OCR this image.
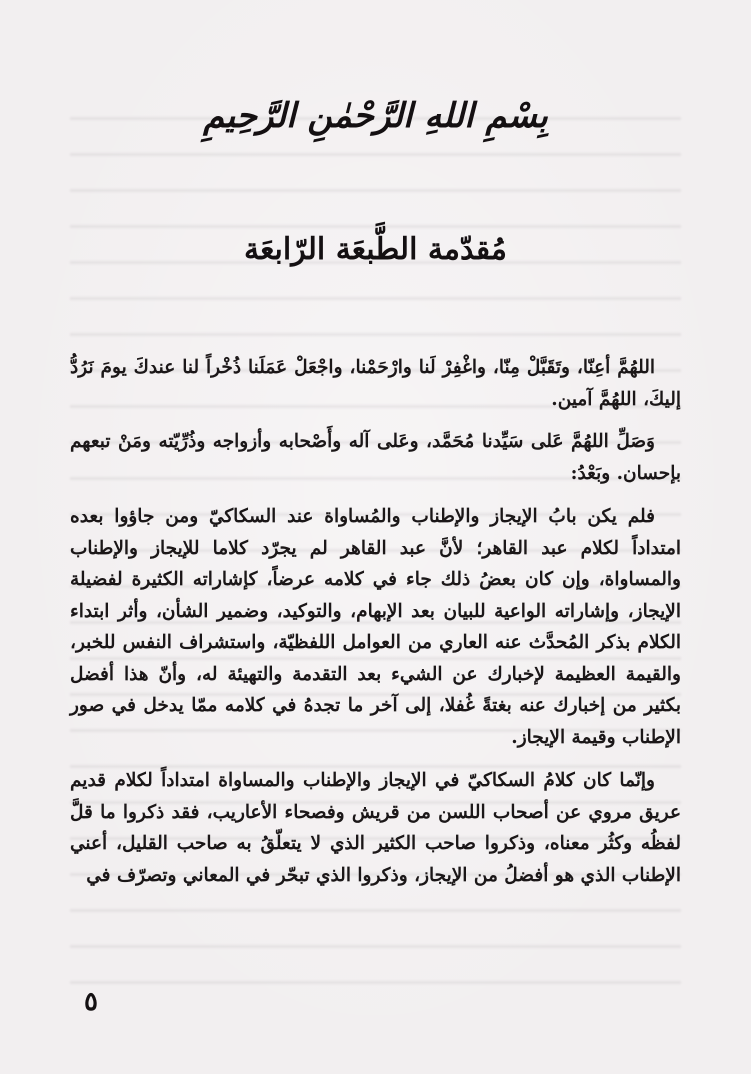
بِسْمِ اللهِ الرَّحْمٰنِ الرَّحِيمِ
مُقدّمة الطَّبعَة الرّابعَة

اللهُمَّ أعِنّا، وتَقَبَّلْ مِنّا، واغْفِرْ لَنا وارْحَمْنا، واجْعَلْ عَمَلَنا ذُخْراً لنا عندكَ يومَ نَرُدُّ إليكَ، اللهُمَّ آمين.

وَصَلِّ اللهُمَّ عَلى سَيِّدنا مُحَمَّد، وعَلى آله وأَصْحابه وأزواجه وذُرِّيّته ومَنْ تبعهم بإحسان. وبَعْدُ:

فلم يكن بابُ الإيجاز والإطناب والمُساواة عند السكاكيّ ومن جاؤوا بعده امتداداً لكلام عبد القاهر؛ لأنَّ عبد القاهر لم يجرّد كلاما للإيجاز والإطناب والمساواة، وإن كان بعضُ ذلك جاء في كلامه عرضاً، كإشاراته الكثيرة لفضيلة الإيجاز، وإشاراته الواعية للبيان بعد الإبهام، والتوكيد، وضمير الشأن، وأثر ابتداء الكلام بذكر المُحدَّث عنه العاري من العوامل اللفظيّة، واستشراف النفس للخبر، والقيمة العظيمة لإخبارك عن الشيء بعد التقدمة والتهيئة له، وأنّ هذا أفضل بكثير من إخبارك عنه بغتةً غُفلا، إلى آخر ما تجدهُ في كلامه ممّا يدخل في صور الإطناب وقيمة الإيجاز.

وإنّما كان كلامُ السكاكيّ في الإيجاز والإطناب والمساواة امتداداً لكلام قديم عريق مروي عن أصحاب اللسن من قريش وفصحاء الأعاريب، فقد ذكروا ما قلَّ لفظُه وكثُر معناه، وذكروا صاحب الكثير الذي لا يتعلّقُ به صاحب القليل، أعني الإطناب الذي هو أفضلُ من الإيجاز، وذكروا الذي تبحّر في المعاني وتصرّف في

٥
